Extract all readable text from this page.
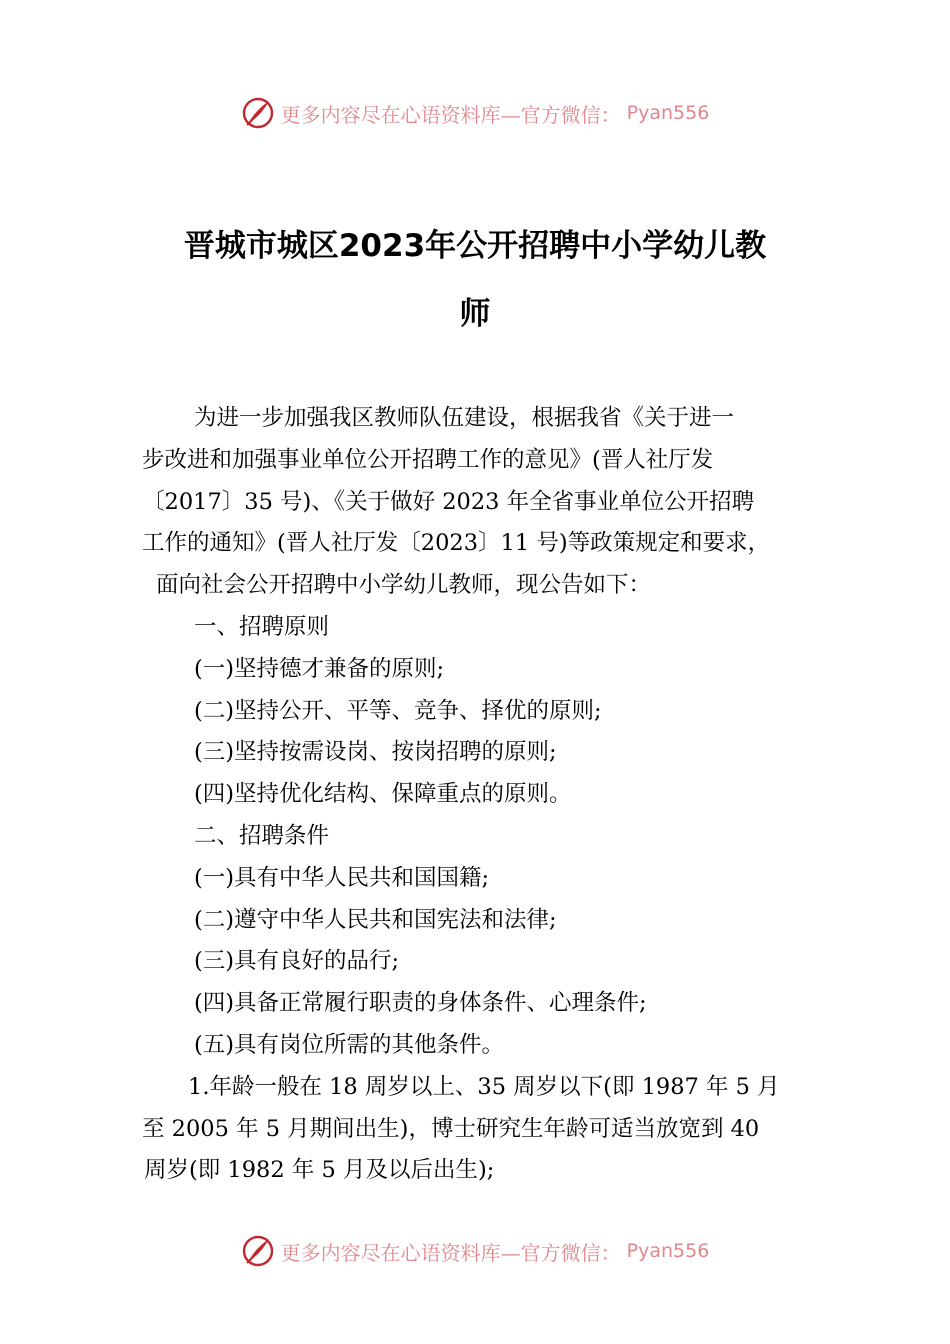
更多内容尽在心语资料库—官方微信： Pyan556
晋城市城区2023年公开招聘中小学幼儿教
师
为进一步加强我区教师队伍建设，根据我省《关于进一
步改进和加强事业单位公开招聘工作的意见》(晋人社厅发
〔2017〕35 号)、《关于做好 2023 年全省事业单位公开招聘
工作的通知》(晋人社厅发〔2023〕11 号)等政策规定和要求，
面向社会公开招聘中小学幼儿教师，现公告如下：
一、招聘原则
(一)坚持德才兼备的原则;
(二)坚持公开、平等、竞争、择优的原则;
(三)坚持按需设岗、按岗招聘的原则;
(四)坚持优化结构、保障重点的原则。
二、招聘条件
(一)具有中华人民共和国国籍;
(二)遵守中华人民共和国宪法和法律;
(三)具有良好的品行;
(四)具备正常履行职责的身体条件、心理条件;
(五)具有岗位所需的其他条件。
1.年龄一般在 18 周岁以上、35 周岁以下(即 1987 年 5 月
至 2005 年 5 月期间出生)，博士研究生年龄可适当放宽到 40
周岁(即 1982 年 5 月及以后出生);
更多内容尽在心语资料库—官方微信： Pyan556
